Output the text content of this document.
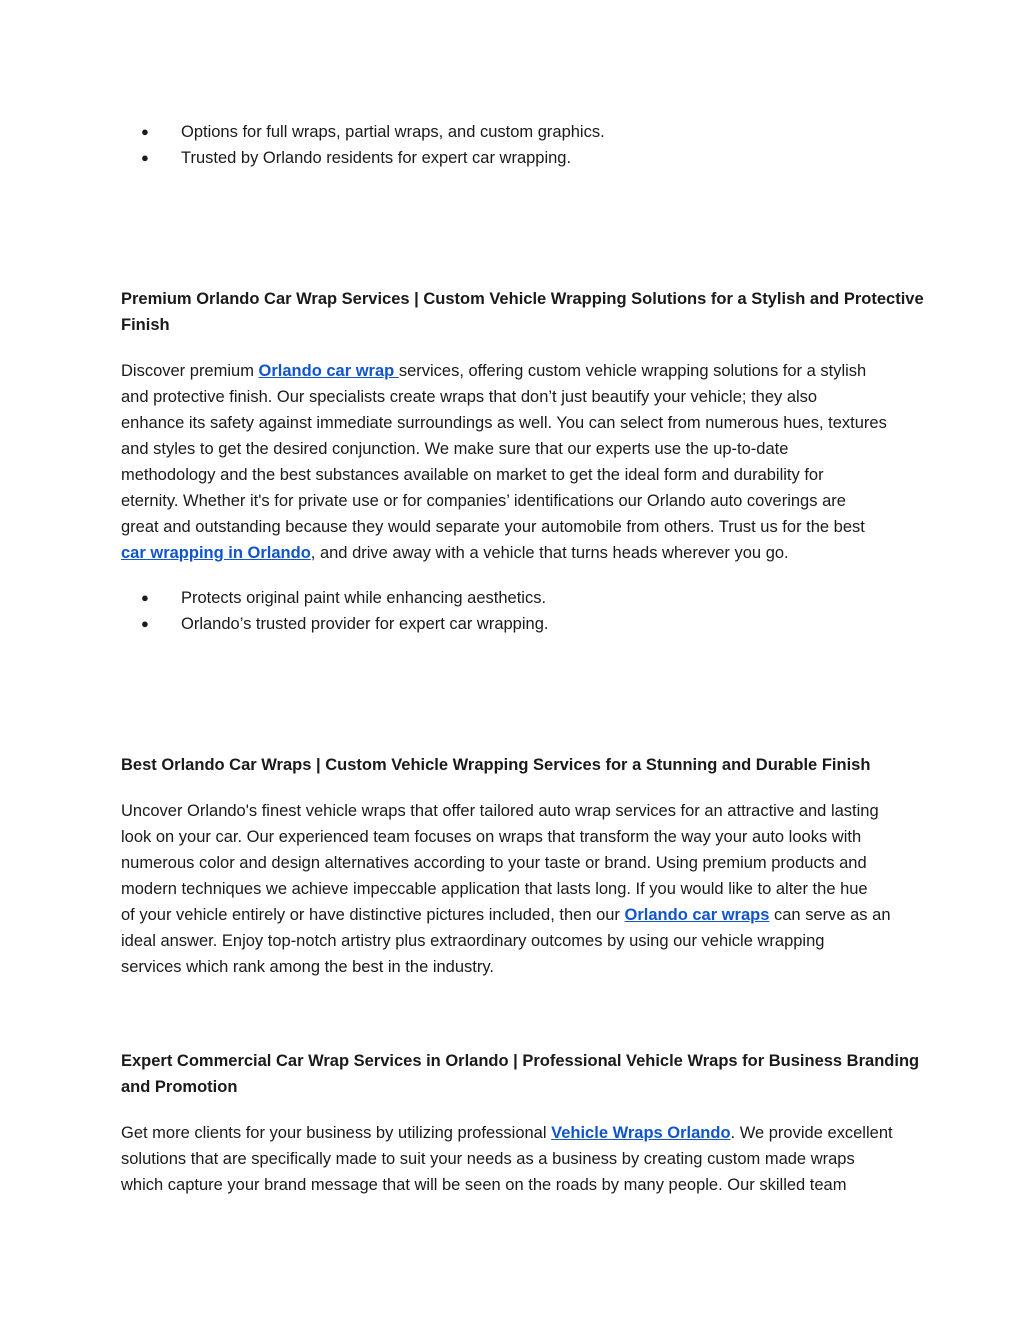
● Options for full wraps, partial wraps, and custom graphics.
● Trusted by Orlando residents for expert car wrapping.
Premium Orlando Car Wrap Services | Custom Vehicle Wrapping Solutions for a Stylish and Protective
Finish

Discover premium Orlando car wrap services, offering custom vehicle wrapping solutions for a stylish
and protective finish. Our specialists create wraps that don’t just beautify your vehicle; they also
enhance its safety against immediate surroundings as well. You can select from numerous hues, textures
and styles to get the desired conjunction. We make sure that our experts use the up-to-date
methodology and the best substances available on market to get the ideal form and durability for
eternity. Whether it's for private use or for companies’ identifications our Orlando auto coverings are
great and outstanding because they would separate your automobile from others. Trust us for the best
car wrapping in Orlando, and drive away with a vehicle that turns heads wherever you go.

● Protects original paint while enhancing aesthetics.
● Orlando’s trusted provider for expert car wrapping.
Best Orlando Car Wraps | Custom Vehicle Wrapping Services for a Stunning and Durable Finish

Uncover Orlando's finest vehicle wraps that offer tailored auto wrap services for an attractive and lasting
look on your car. Our experienced team focuses on wraps that transform the way your auto looks with
numerous color and design alternatives according to your taste or brand. Using premium products and
modern techniques we achieve impeccable application that lasts long. If you would like to alter the hue
of your vehicle entirely or have distinctive pictures included, then our Orlando car wraps can serve as an
ideal answer. Enjoy top-notch artistry plus extraordinary outcomes by using our vehicle wrapping
services which rank among the best in the industry.

Expert Commercial Car Wrap Services in Orlando | Professional Vehicle Wraps for Business Branding
and Promotion

Get more clients for your business by utilizing professional Vehicle Wraps Orlando. We provide excellent
solutions that are specifically made to suit your needs as a business by creating custom made wraps
which capture your brand message that will be seen on the roads by many people. Our skilled team
